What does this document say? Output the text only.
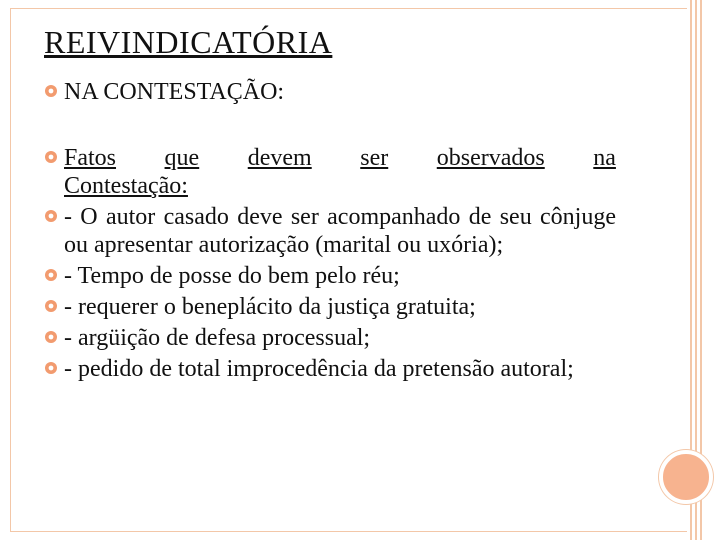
REIVINDICATÓRIA
NA CONTESTAÇÃO:
Fatos que devem ser observados na
Contestação:
- O autor casado deve ser acompanhado de seu cônjuge ou apresentar autorização (marital ou uxória);
- Tempo de posse do bem pelo réu;
- requerer o beneplácito da justiça gratuita;
- argüição de defesa processual;
- pedido de total improcedência da pretensão autoral;
